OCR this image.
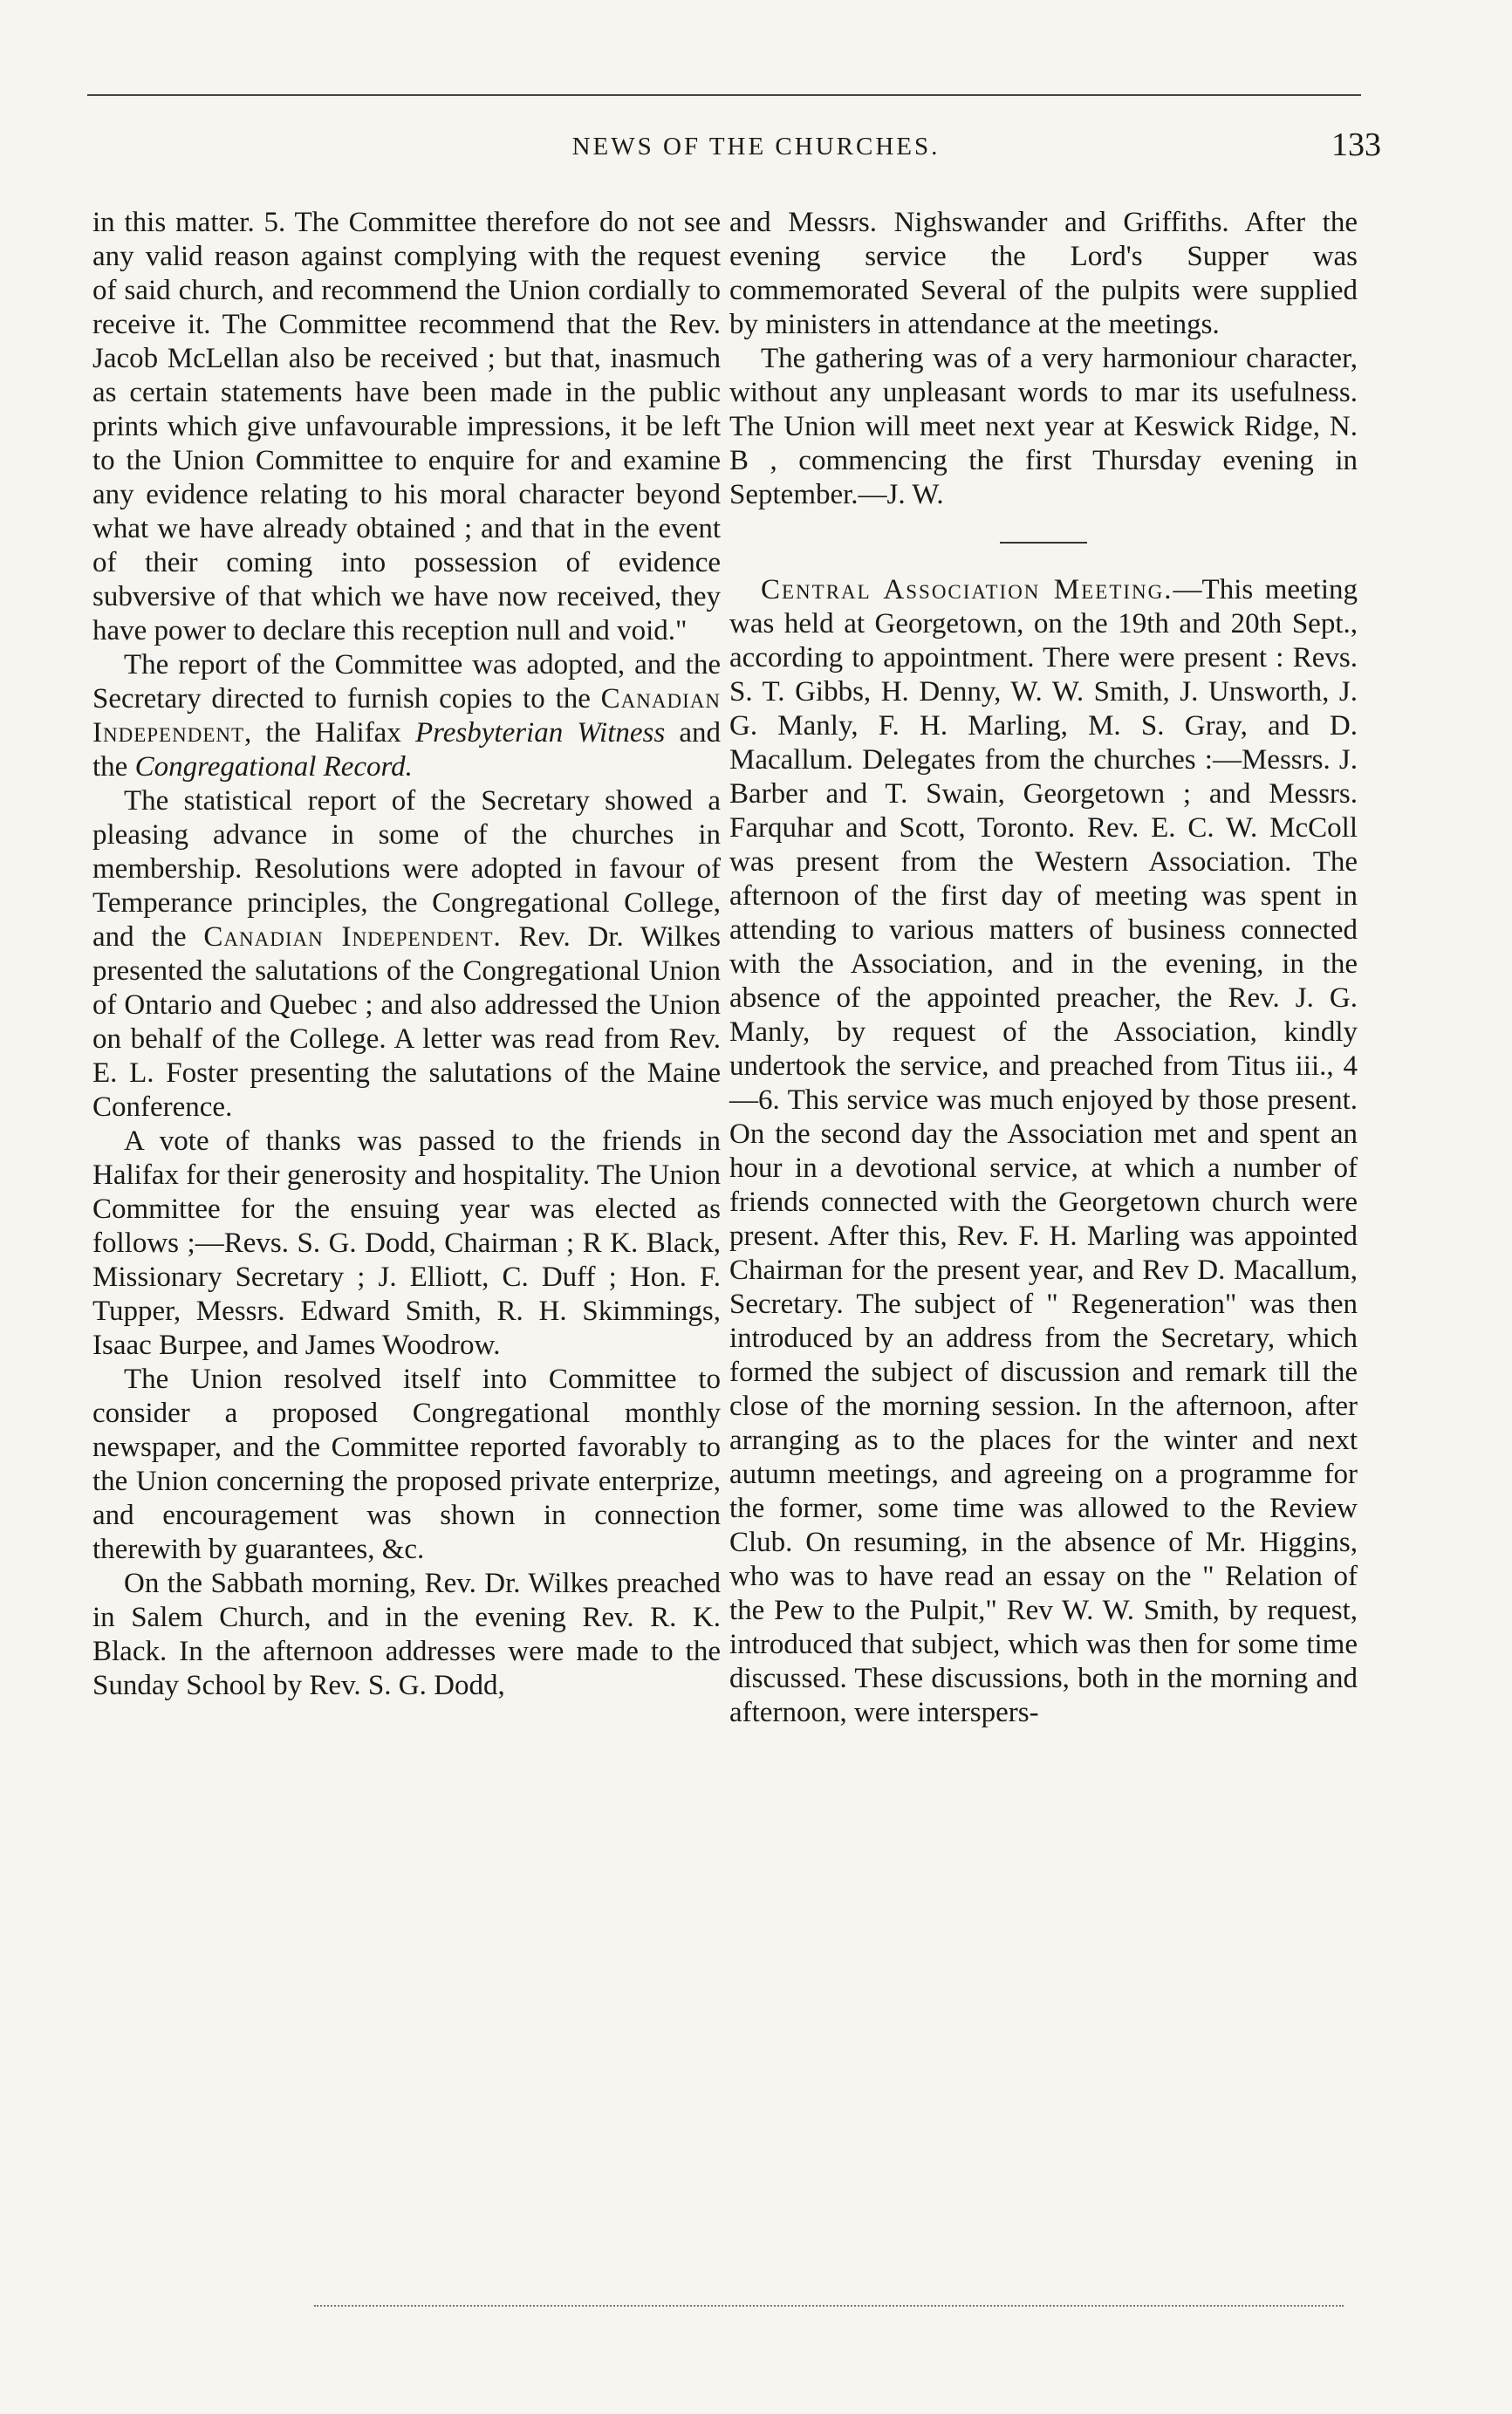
NEWS OF THE CHURCHES.	133

in this matter. 5. The Committee therefore do not see any valid reason against complying with the request of said church, and recommend the Union cordially to receive it. The Committee recommend that the Rev. Jacob McLellan also be received ; but that, inasmuch as certain statements have been made in the public prints which give unfavourable impressions, it be left to the Union Committee to enquire for and examine any evidence relating to his moral character beyond what we have already obtained ; and that in the event of their coming into possession of evidence subversive of that which we have now received, they have power to declare this reception null and void."

The report of the Committee was adopted, and the Secretary directed to furnish copies to the Canadian Independent, the Halifax Presbyterian Witness and the Congregational Record.

The statistical report of the Secretary showed a pleasing advance in some of the churches in membership. Resolutions were adopted in favour of Temperance principles, the Congregational College, and the Canadian Independent. Rev. Dr. Wilkes presented the salutations of the Congregational Union of Ontario and Quebec ; and also addressed the Union on behalf of the College. A letter was read from Rev. E. L. Foster presenting the salutations of the Maine Conference.

A vote of thanks was passed to the friends in Halifax for their generosity and hospitality. The Union Committee for the ensuing year was elected as follows ;—Revs. S. G. Dodd, Chairman ; R K. Black, Missionary Secretary ; J. Elliott, C. Duff ; Hon. F. Tupper, Messrs. Edward Smith, R. H. Skimmings, Isaac Burpee, and James Woodrow.

The Union resolved itself into Committee to consider a proposed Congregational monthly newspaper, and the Committee reported favorably to the Union concerning the proposed private enterprize, and encouragement was shown in connection therewith by guarantees, &c.

On the Sabbath morning, Rev. Dr. Wilkes preached in Salem Church, and in the evening Rev. R. K. Black. In the afternoon addresses were made to the Sunday School by Rev. S. G. Dodd,

and Messrs. Nighswander and Griffiths. After the evening service the Lord's Supper was commemorated Several of the pulpits were supplied by ministers in attendance at the meetings.

The gathering was of a very harmoniour character, without any unpleasant words to mar its usefulness. The Union will meet next year at Keswick Ridge, N. B , commencing the first Thursday evening in September.—J. W.

Central Association Meeting.—This meeting was held at Georgetown, on the 19th and 20th Sept., according to appointment. There were present : Revs. S. T. Gibbs, H. Denny, W. W. Smith, J. Unsworth, J. G. Manly, F. H. Marling, M. S. Gray, and D. Macallum. Delegates from the churches :—Messrs. J. Barber and T. Swain, Georgetown ; and Messrs. Farquhar and Scott, Toronto. Rev. E. C. W. McColl was present from the Western Association. The afternoon of the first day of meeting was spent in attending to various matters of business connected with the Association, and in the evening, in the absence of the appointed preacher, the Rev. J. G. Manly, by request of the Association, kindly undertook the service, and preached from Titus iii., 4—6. This service was much enjoyed by those present. On the second day the Association met and spent an hour in a devotional service, at which a number of friends connected with the Georgetown church were present. After this, Rev. F. H. Marling was appointed Chairman for the present year, and Rev D. Macallum, Secretary. The subject of " Regeneration" was then introduced by an address from the Secretary, which formed the subject of discussion and remark till the close of the morning session. In the afternoon, after arranging as to the places for the winter and next autumn meetings, and agreeing on a programme for the former, some time was allowed to the Review Club. On resuming, in the absence of Mr. Higgins, who was to have read an essay on the " Relation of the Pew to the Pulpit," Rev W. W. Smith, by request, introduced that subject, which was then for some time discussed. These discussions, both in the morning and afternoon, were interspers-
